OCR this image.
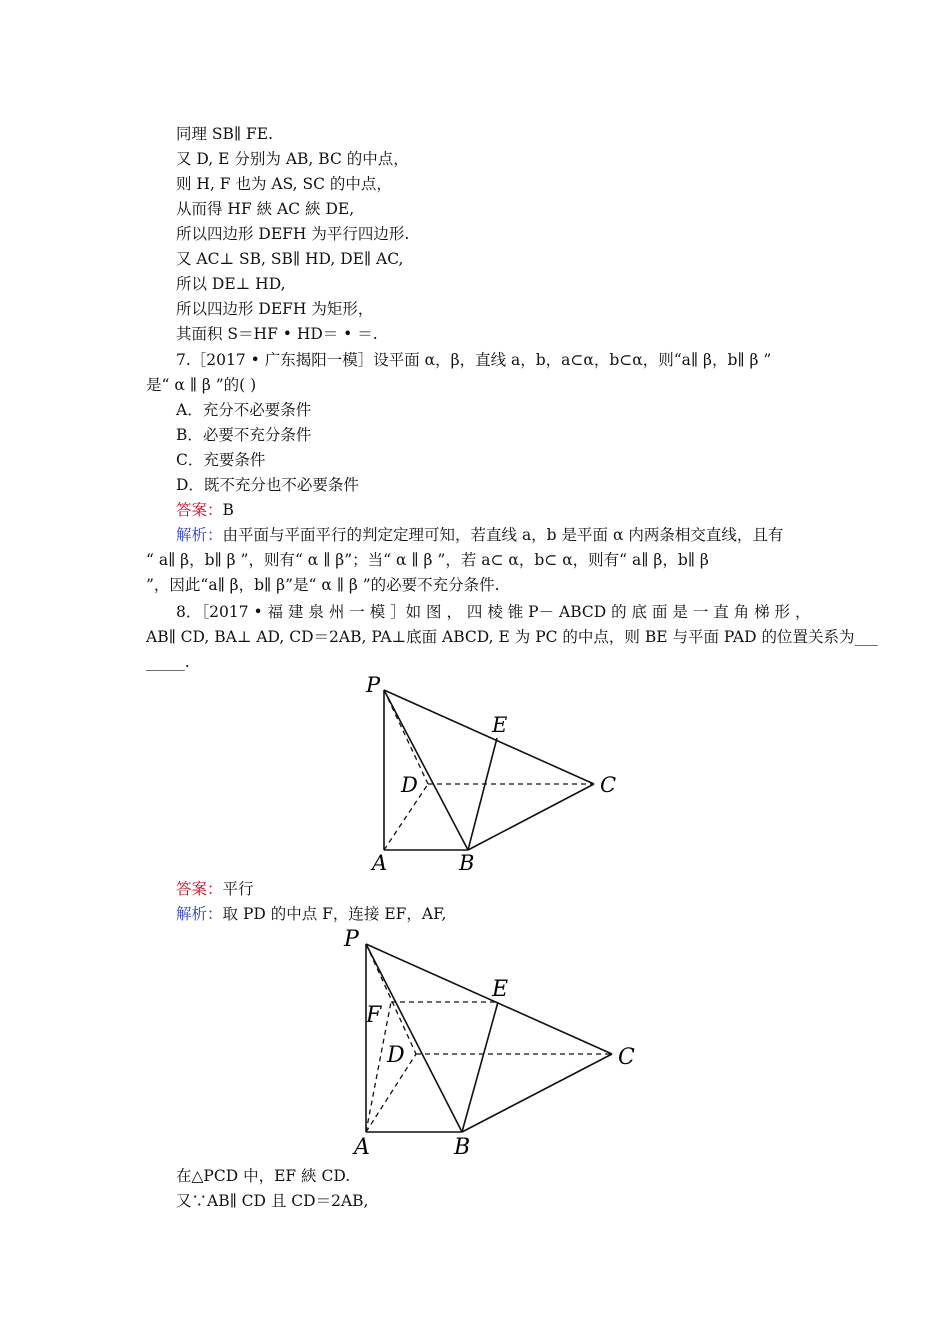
同理 SB∥ FE.
又 D, E 分别为 AB, BC 的中点，
则 H, F 也为 AS, SC 的中点，
从而得 HF 綊 AC 綊 DE,
所以四边形 DEFH 为平行四边形.
又 AC⊥ SB, SB∥ HD, DE∥ AC,
所以 DE⊥ HD,
所以四边形 DEFH 为矩形，
其面积 S＝HF • HD＝ • ＝.
7.［2017 • 广东揭阳一模］设平面 α，β，直线 a，b，a⊂α，b⊂α，则“a∥ β，b∥ β ”
是“ α ∥ β ”的( )
A．充分不必要条件
B．必要不充分条件
C．充要条件
D．既不充分也不必要条件
答案：B
解析：由平面与平面平行的判定定理可知，若直线 a，b 是平面 α 内两条相交直线，且有
“ a∥ β，b∥ β ”，则有“ α ∥ β”；当“ α ∥ β ”，若 a⊂ α，b⊂ α，则有“ a∥ β，b∥ β
”，因此“a∥ β，b∥ β”是“ α ∥ β ”的必要不充分条件.
8．［2017 • 福 建 泉 州 一 模 ］如 图 ， 四 棱 锥 P－ ABCD 的 底 面 是 一 直 角 梯 形 ，
AB∥ CD, BA⊥ AD, CD＝2AB, PA⊥底面 ABCD, E 为 PC 的中点，则 BE 与平面 PAD 的位置关系为___
_____.
P
E
D	C
A	B
答案：平行
解析：取 PD 的中点 F，连接 EF，AF,
P
E
F
D	C
A	B
在△PCD 中，EF 綊 CD.
又∵AB∥ CD 且 CD＝2AB,
